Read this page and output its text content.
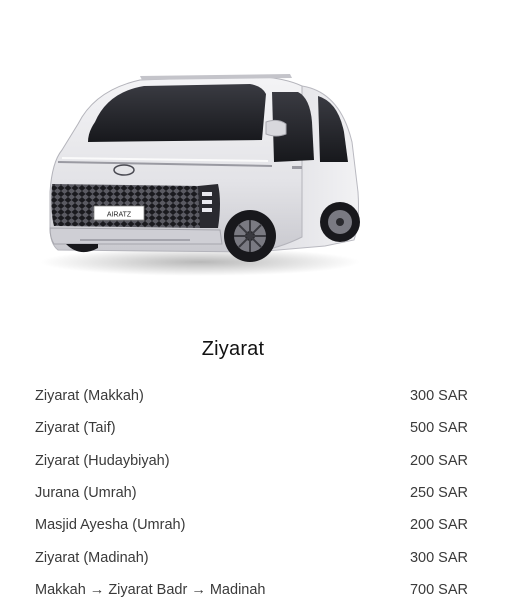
AIRATZ
Ziyarat
Ziyarat (Makkah)	300 SAR
Ziyarat (Taif)	500 SAR
Ziyarat (Hudaybiyah)	200 SAR
Jurana (Umrah)	250 SAR
Masjid Ayesha (Umrah)	200 SAR
Ziyarat (Madinah)	300 SAR
Makkah → Ziyarat Badr → Madinah	700 SAR
